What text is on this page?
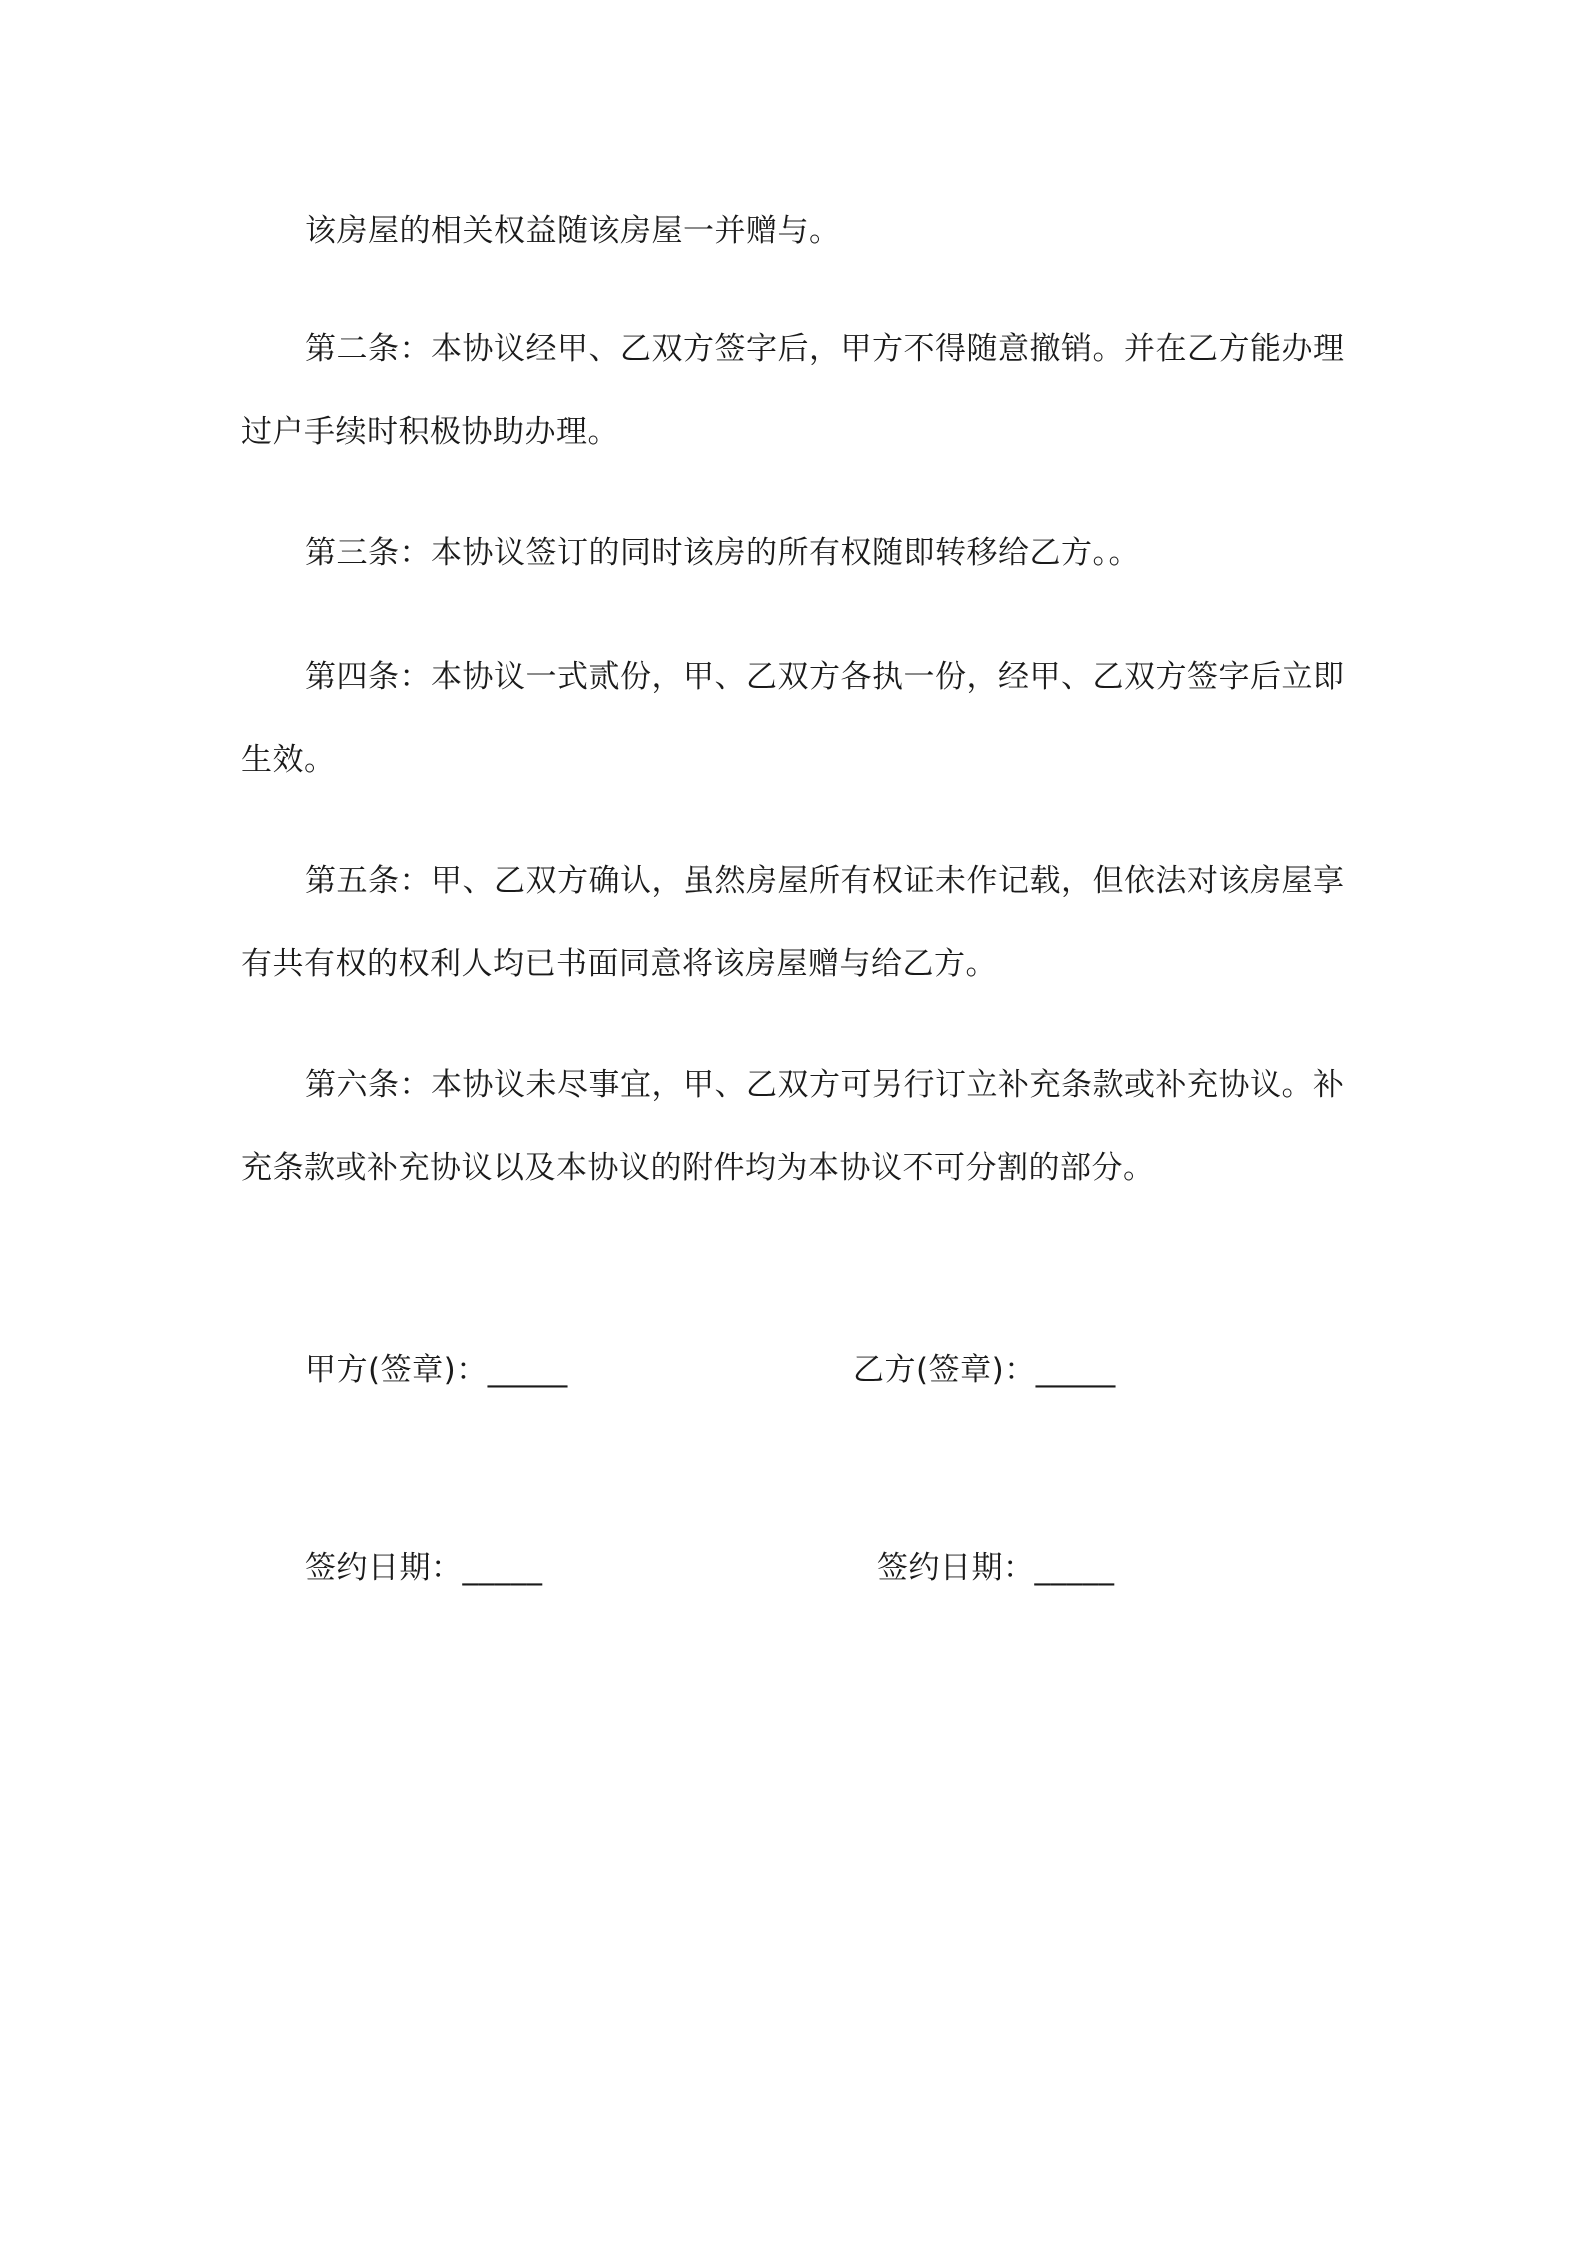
该房屋的相关权益随该房屋一并赠与。

第二条：本协议经甲、乙双方签字后，甲方不得随意撤销。并在乙方能办理过户手续时积极协助办理。

第三条：本协议签订的同时该房的所有权随即转移给乙方。。

第四条：本协议一式贰份，甲、乙双方各执一份，经甲、乙双方签字后立即生效。

第五条：甲、乙双方确认，虽然房屋所有权证未作记载，但依法对该房屋享有共有权的权利人均已书面同意将该房屋赠与给乙方。

第六条：本协议未尽事宜，甲、乙双方可另行订立补充条款或补充协议。补充条款或补充协议以及本协议的附件均为本协议不可分割的部分。

甲方(签章)：_____	乙方(签章)：_____

签约日期：_____	签约日期：_____
